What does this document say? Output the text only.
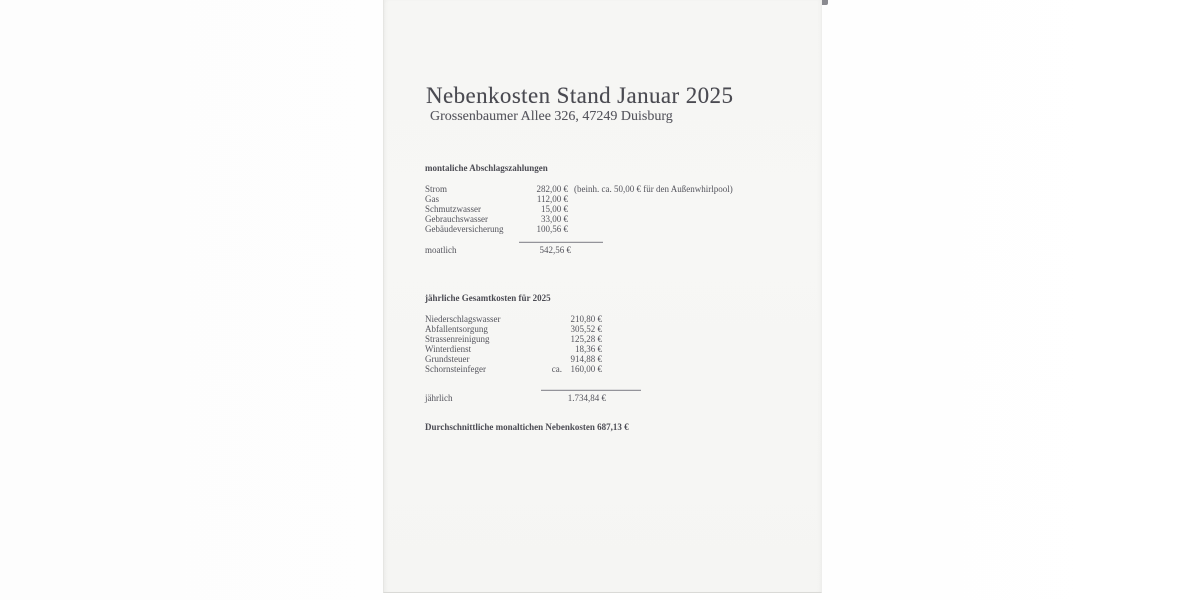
Nebenkosten Stand Januar 2025
Grossenbaumer Allee 326, 47249 Duisburg
montaliche Abschlagszahlungen
Strom	282,00 € (beinh. ca. 50,00 € für den Außenwhirlpool)
Gas	112,00 €
Schmutzwasser	15,00 €
Gebrauchswasser	33,00 €
Gebäudeversicherung	100,56 €
moatlich	542,56 €
jährliche Gesamtkosten für 2025
Niederschlagswasser	210,80 €
Abfallentsorgung	305,52 €
Strassenreinigung	125,28 €
Winterdienst	18,36 €
Grundsteuer	914,88 €
Schornsteinfeger	ca. 160,00 €
jährlich	1.734,84 €
Durchschnittliche monaltichen Nebenkosten 687,13 €
